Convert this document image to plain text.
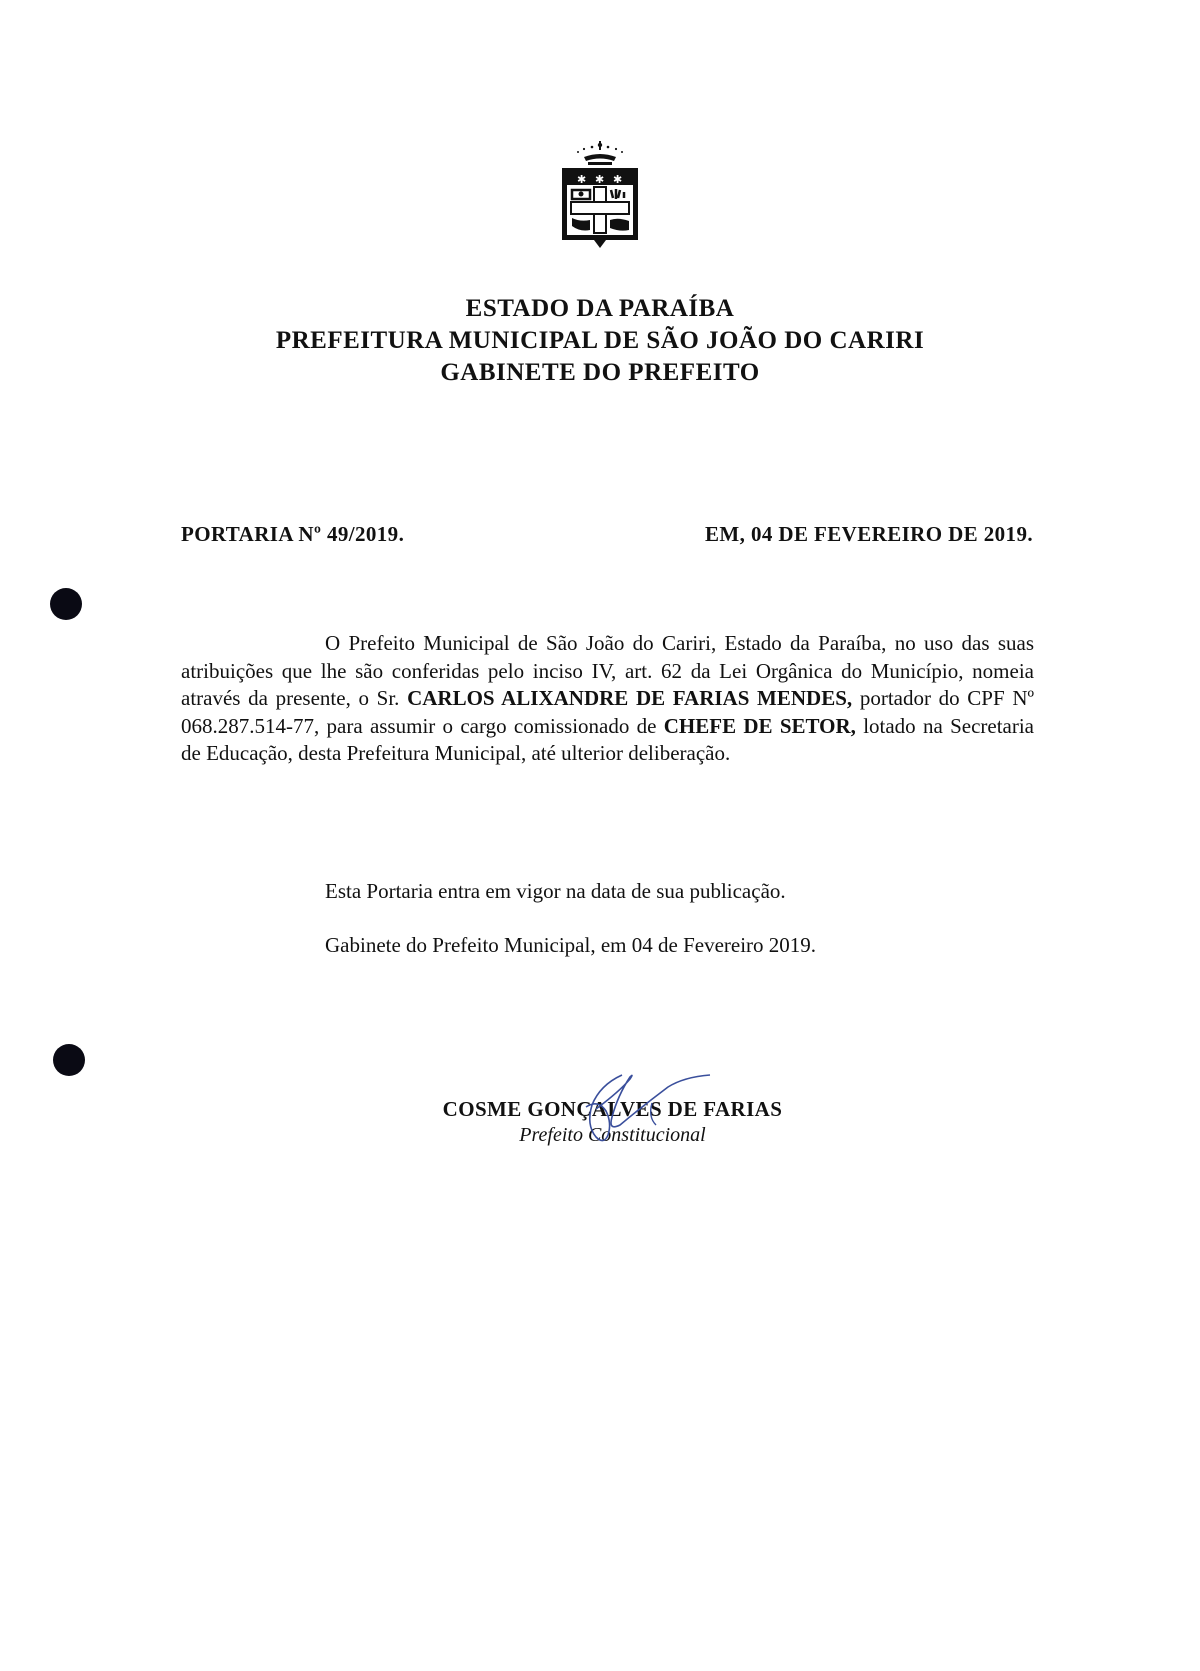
✱ ✱ ✱
ESTADO DA PARAÍBA
PREFEITURA MUNICIPAL DE SÃO JOÃO DO CARIRI
GABINETE DO PREFEITO
PORTARIA Nº 49/2019.	EM, 04 DE FEVEREIRO DE 2019.
O Prefeito Municipal de São João do Cariri, Estado da Paraíba, no uso das suas atribuições que lhe são conferidas pelo inciso IV, art. 62 da Lei Orgânica do Município, nomeia através da presente, o Sr. CARLOS ALIXANDRE DE FARIAS MENDES, portador do CPF Nº 068.287.514-77, para assumir o cargo comissionado de CHEFE DE SETOR, lotado na Secretaria de Educação, desta Prefeitura Municipal, até ulterior deliberação.
Esta Portaria entra em vigor na data de sua publicação.
Gabinete do Prefeito Municipal, em 04 de Fevereiro 2019.
COSME GONÇALVES DE FARIAS
Prefeito Constitucional
